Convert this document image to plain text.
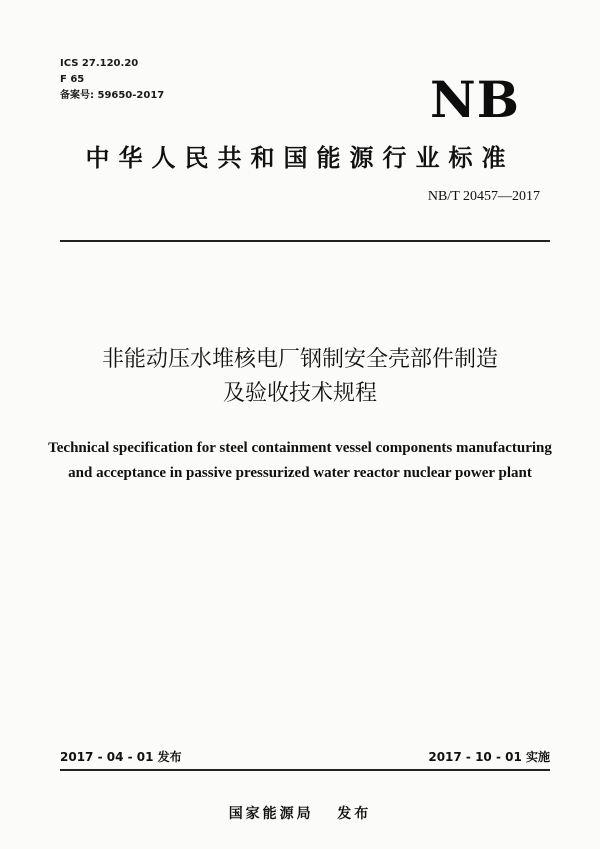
ICS 27.120.20
F 65
备案号: 59650-2017	NB
中华人民共和国能源行业标准
NB/T 20457—2017
非能动压水堆核电厂钢制安全壳部件制造
及验收技术规程
Technical specification for steel containment vessel components manufacturing
and acceptance in passive pressurized water reactor nuclear power plant
2017 - 04 - 01 发布	2017 - 10 - 01 实施
国家能源局   发布
